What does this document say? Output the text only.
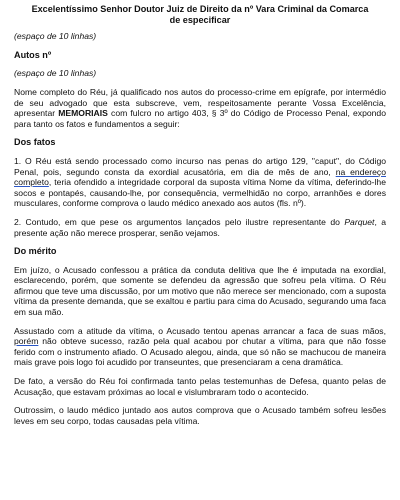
Excelentíssimo Senhor Doutor Juiz de Direito da nº Vara Criminal da Comarca
de especificar
(espaço de 10 linhas)
Autos nº
(espaço de 10 linhas)

Nome completo do Réu, já qualificado nos autos do processo-crime em epígrafe, por intermédio de seu advogado que esta subscreve, vem, respeitosamente perante Vossa Excelência, apresentar MEMORIAIS com fulcro no artigo 403, § 3º do Código de Processo Penal, expondo para tanto os fatos e fundamentos a seguir:

Dos fatos

1. O Réu está sendo processado como incurso nas penas do artigo 129, "caput", do Código Penal, pois, segundo consta da exordial acusatória, em dia de mês de ano, na endereço completo, teria ofendido a integridade corporal da suposta vítima Nome da vítima, deferindo-lhe socos e pontapés, causando-lhe, por consequência, vermelhidão no corpo, arranhões e dores musculares, conforme comprova o laudo médico anexado aos autos (fls. nº).

2. Contudo, em que pese os argumentos lançados pelo ilustre representante do Parquet, a presente ação não merece prosperar, senão vejamos.

Do mérito

Em juízo, o Acusado confessou a prática da conduta delitiva que lhe é imputada na exordial, esclarecendo, porém, que somente se defendeu da agressão que sofreu pela vítima. O Réu afirmou que teve uma discussão, por um motivo que não merece ser mencionado, com a suposta vítima da presente demanda, que se exaltou e partiu para cima do Acusado, segurando uma faca em sua mão.

Assustado com a atitude da vítima, o Acusado tentou apenas arrancar a faca de suas mãos, porém não obteve sucesso, razão pela qual acabou por chutar a vítima, para que não fosse ferido com o instrumento afiado. O Acusado alegou, ainda, que só não se machucou de maneira mais grave pois logo foi acudido por transeuntes, que presenciaram a cena dramática.

De fato, a versão do Réu foi confirmada tanto pelas testemunhas de Defesa, quanto pelas de Acusação, que estavam próximas ao local e vislumbraram todo o acontecido.

Outrossim, o laudo médico juntado aos autos comprova que o Acusado também sofreu lesões leves em seu corpo, todas causadas pela vítima.
